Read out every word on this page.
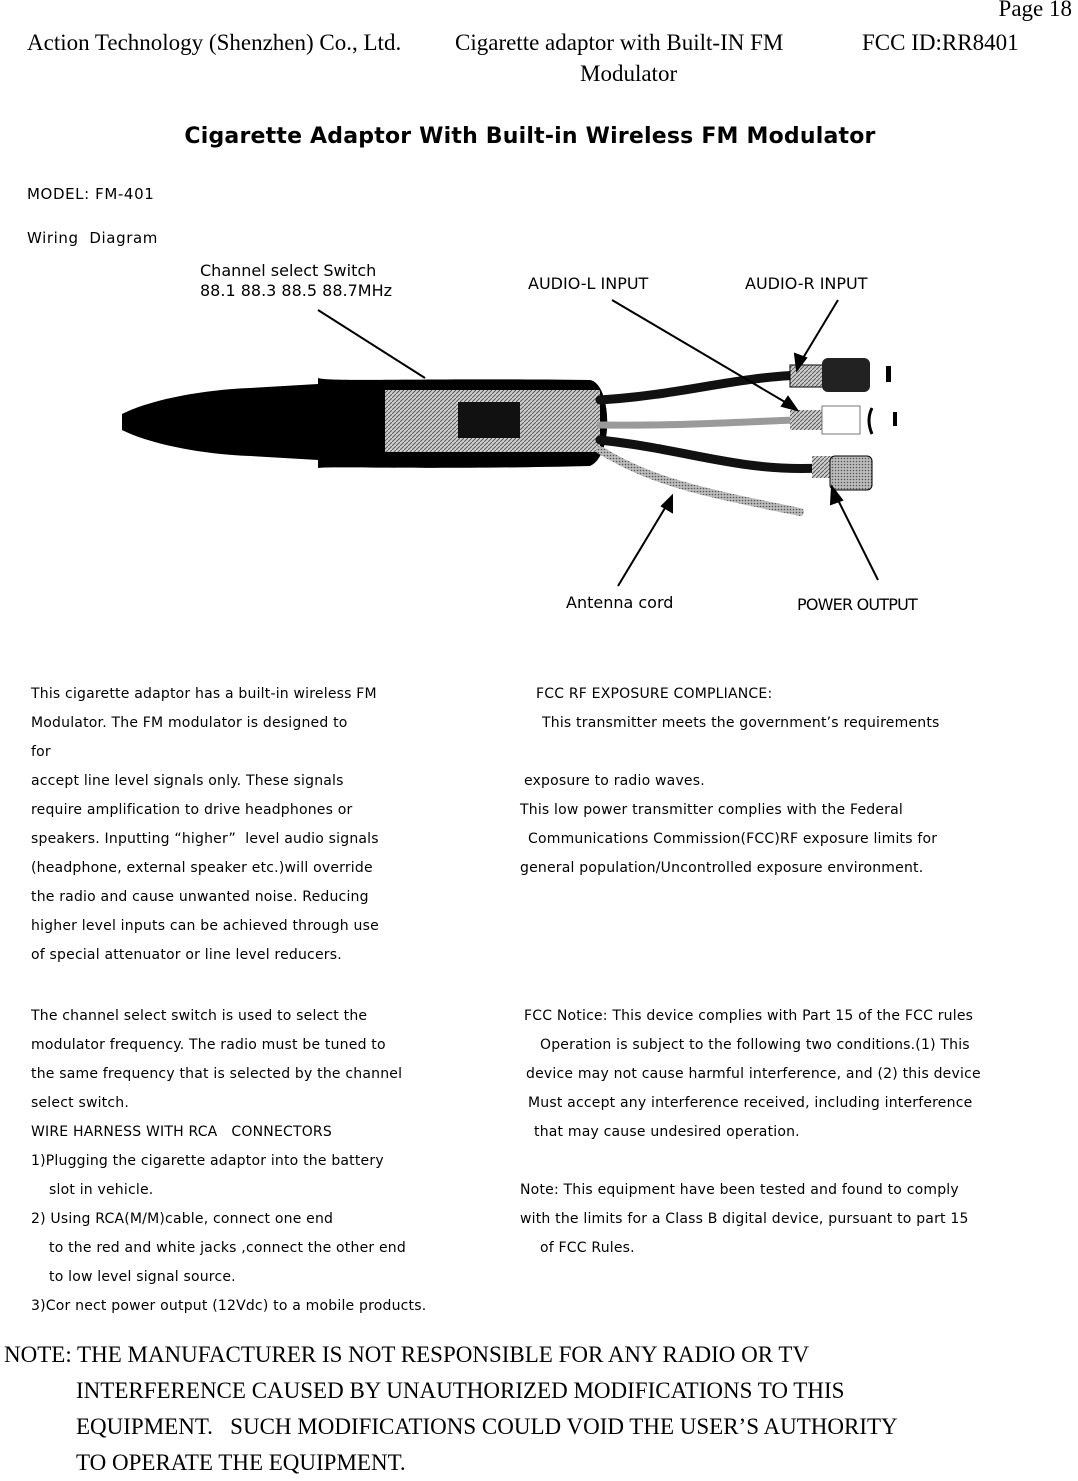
Page 18
Action Technology (Shenzhen) Co., Ltd. Cigarette adaptor with Built-IN FM
Modulator
FCC ID:RR8401
Cigarette Adaptor With Built-in Wireless FM Modulator
MODEL: FM-401
Wiring  Diagram
Channel select Switch
88.1 88.3 88.5 88.7MHz	AUDIO-L INPUT	AUDIO-R INPUT
Antenna cord	POWER OUTPUT
This cigarette adaptor has a built-in wireless FM
Modulator. The FM modulator is designed to
for
accept line level signals only. These signals
require amplification to drive headphones or
speakers. Inputting “higher”  level audio signals
(headphone, external speaker etc.)will override
the radio and cause unwanted noise. Reducing
higher level inputs can be achieved through use
of special attenuator or line level reducers.
The channel select switch is used to select the
modulator frequency. The radio must be tuned to
the same frequency that is selected by the channel
select switch.
WIRE HARNESS WITH RCA   CONNECTORS
1)Plugging the cigarette adaptor into the battery
slot in vehicle.
2) Using RCA(M/M)cable, connect one end
to the red and white jacks ,connect the other end
to low level signal source.
3)Cor nect power output (12Vdc) to a mobile products.
FCC RF EXPOSURE COMPLIANCE:
This transmitter meets the government’s requirements

exposure to radio waves.
This low power transmitter complies with the Federal
Communications Commission(FCC)RF exposure limits for
general population/Uncontrolled exposure environment.
FCC Notice: This device complies with Part 15 of the FCC rules
Operation is subject to the following two conditions.(1) This
device may not cause harmful interference, and (2) this device
Must accept any interference received, including interference
that may cause undesired operation.

Note: This equipment have been tested and found to comply
with the limits for a Class B digital device, pursuant to part 15
of FCC Rules.
NOTE: THE MANUFACTURER IS NOT RESPONSIBLE FOR ANY RADIO OR TV
INTERFERENCE CAUSED BY UNAUTHORIZED MODIFICATIONS TO THIS
EQUIPMENT.   SUCH MODIFICATIONS COULD VOID THE USER’S AUTHORITY
TO OPERATE THE EQUIPMENT.
